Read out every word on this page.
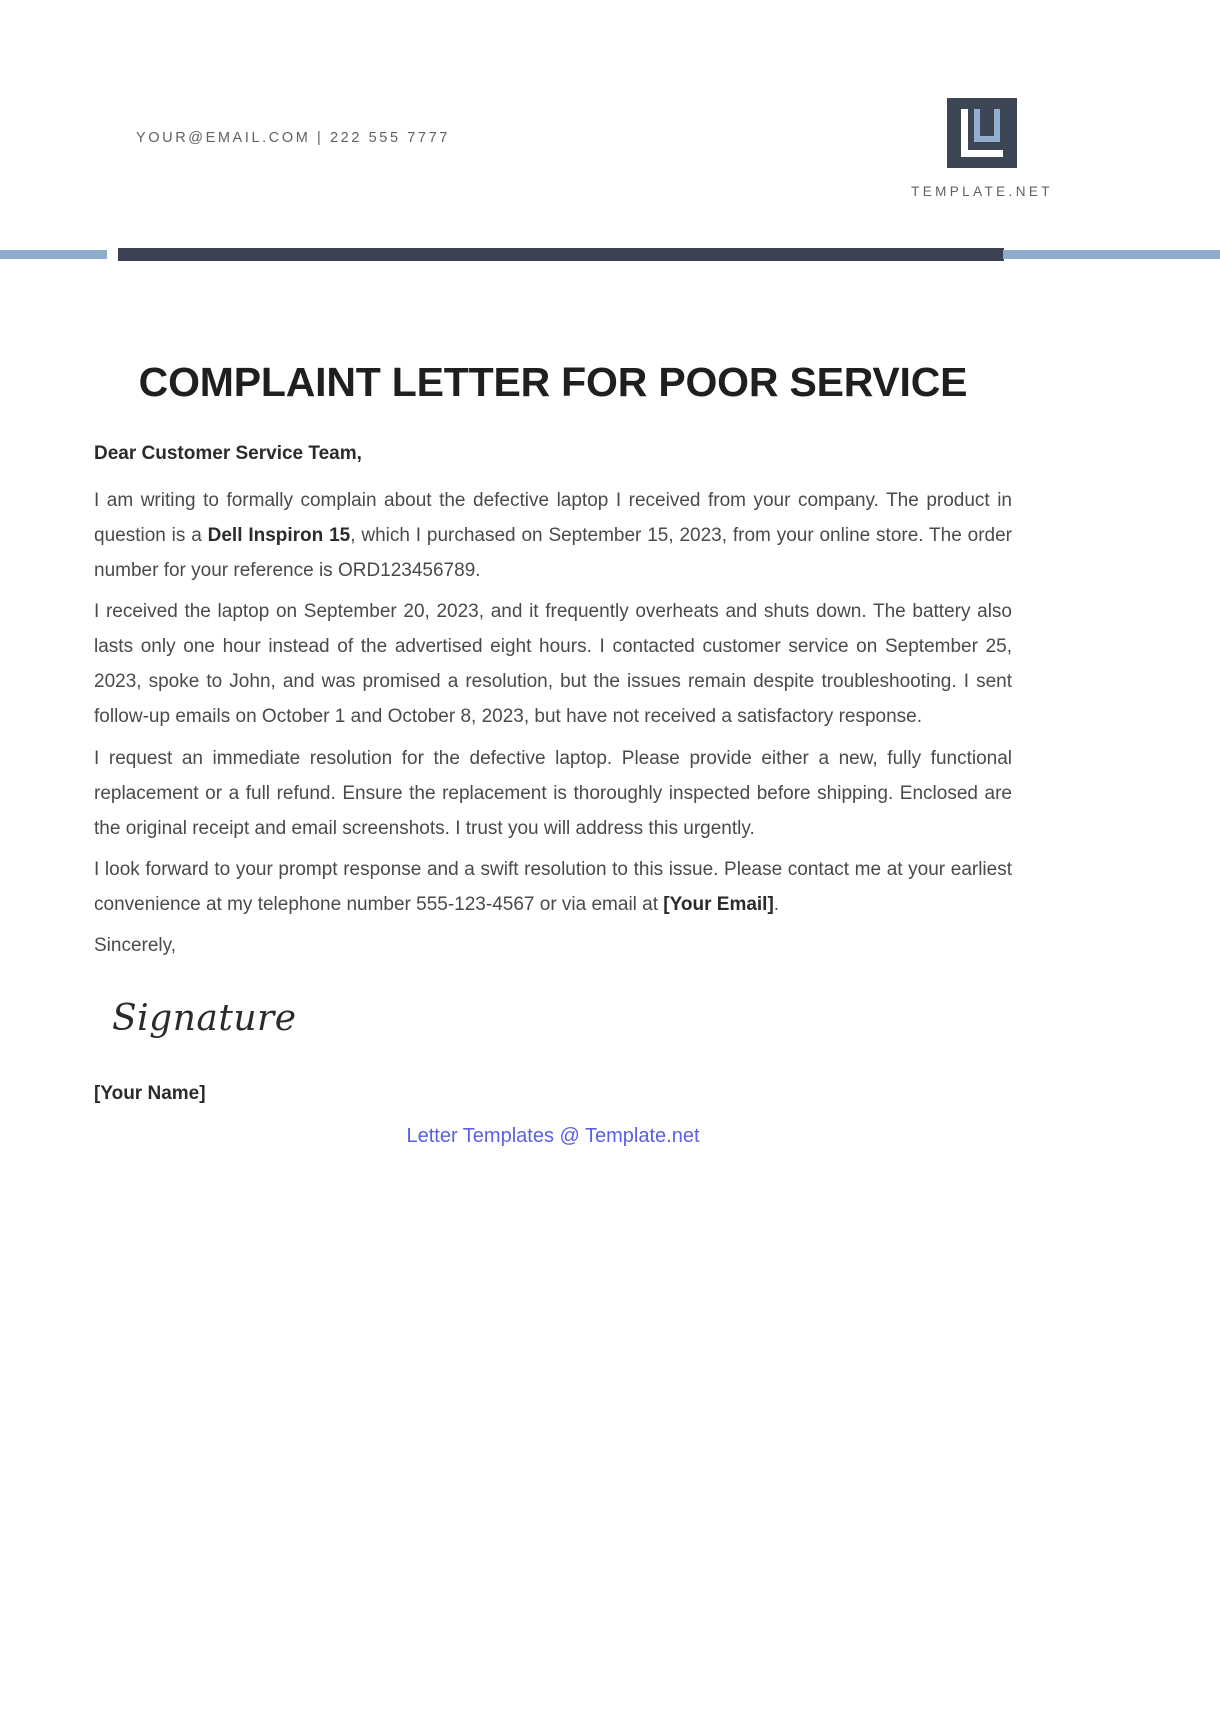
YOUR@EMAIL.COM | 222 555 7777
TEMPLATE.NET
COMPLAINT LETTER FOR POOR SERVICE
Dear Customer Service Team,

I am writing to formally complain about the defective laptop I received from your company. The product in question is a Dell Inspiron 15, which I purchased on September 15, 2023, from your online store. The order number for your reference is ORD123456789.

I received the laptop on September 20, 2023, and it frequently overheats and shuts down. The battery also lasts only one hour instead of the advertised eight hours. I contacted customer service on September 25, 2023, spoke to John, and was promised a resolution, but the issues remain despite troubleshooting. I sent follow-up emails on October 1 and October 8, 2023, but have not received a satisfactory response.

I request an immediate resolution for the defective laptop. Please provide either a new, fully functional replacement or a full refund. Ensure the replacement is thoroughly inspected before shipping. Enclosed are the original receipt and email screenshots. I trust you will address this urgently.

I look forward to your prompt response and a swift resolution to this issue. Please contact me at your earliest convenience at my telephone number 555-123-4567 or via email at [Your Email].

Sincerely,
Signature
[Your Name]
Letter Templates @ Template.net
